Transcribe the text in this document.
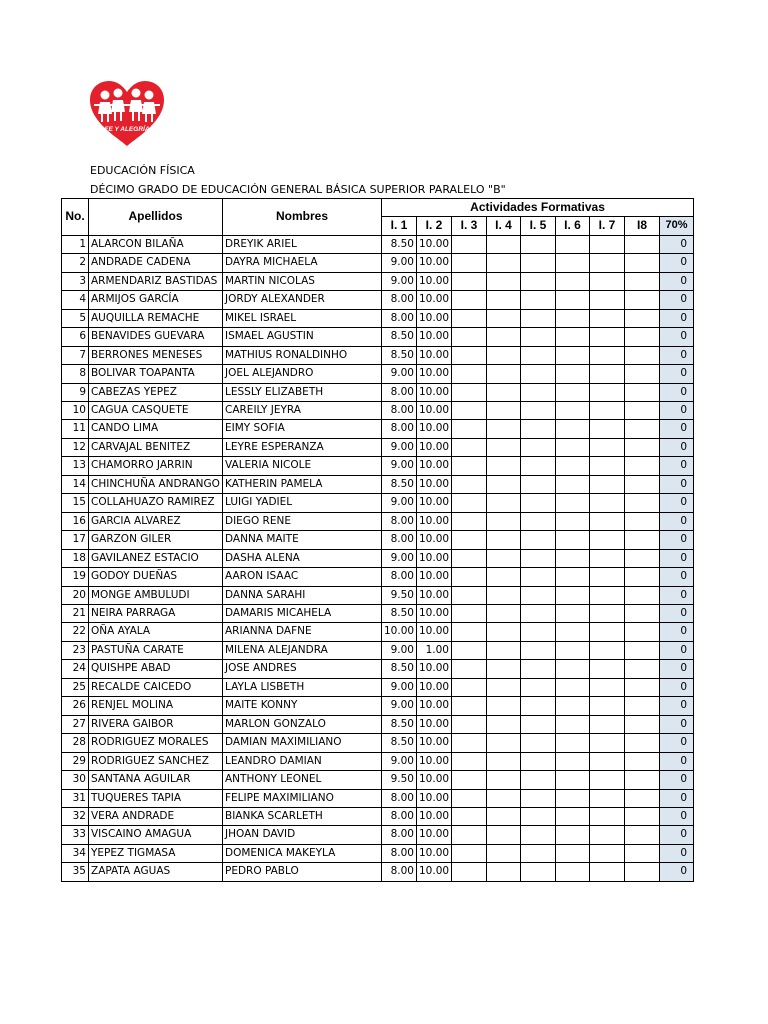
FE Y ALEGRÍA
EDUCACIÓN FÍSICA
DÉCIMO GRADO DE EDUCACIÓN GENERAL BÁSICA SUPERIOR PARALELO "B"
No.	Apellidos	Nombres	Actividades Formativas								
			I. 1	I. 2	I. 3	I. 4	I. 5	I. 6	I. 7	I8	70%
1	ALARCON BILAÑA	DREYIK ARIEL	8.50	10.00							0
2	ANDRADE CADENA	DAYRA MICHAELA	9.00	10.00							0
3	ARMENDARIZ BASTIDAS	MARTIN NICOLAS	9.00	10.00							0
4	ARMIJOS GARCÍA	JORDY ALEXANDER	8.00	10.00							0
5	AUQUILLA REMACHE	MIKEL ISRAEL	8.00	10.00							0
6	BENAVIDES GUEVARA	ISMAEL AGUSTIN	8.50	10.00							0
7	BERRONES MENESES	MATHIUS RONALDINHO	8.50	10.00							0
8	BOLIVAR TOAPANTA	JOEL ALEJANDRO	9.00	10.00							0
9	CABEZAS YEPEZ	LESSLY ELIZABETH	8.00	10.00							0
10	CAGUA CASQUETE	CAREILY JEYRA	8.00	10.00							0
11	CANDO LIMA	EIMY SOFIA	8.00	10.00							0
12	CARVAJAL BENITEZ	LEYRE ESPERANZA	9.00	10.00							0
13	CHAMORRO JARRIN	VALERIA NICOLE	9.00	10.00							0
14	CHINCHUÑA ANDRANGO	KATHERIN PAMELA	8.50	10.00							0
15	COLLAHUAZO RAMIREZ	LUIGI YADIEL	9.00	10.00							0
16	GARCIA ALVAREZ	DIEGO RENE	8.00	10.00							0
17	GARZON GILER	DANNA MAITE	8.00	10.00							0
18	GAVILANEZ ESTACIO	DASHA ALENA	9.00	10.00							0
19	GODOY DUEÑAS	AARON ISAAC	8.00	10.00							0
20	MONGE AMBULUDI	DANNA SARAHI	9.50	10.00							0
21	NEIRA PARRAGA	DAMARIS MICAHELA	8.50	10.00							0
22	OÑA AYALA	ARIANNA DAFNE	10.00	10.00							0
23	PASTUÑA CARATE	MILENA ALEJANDRA	9.00	1.00							0
24	QUISHPE ABAD	JOSE ANDRES	8.50	10.00							0
25	RECALDE CAICEDO	LAYLA LISBETH	9.00	10.00							0
26	RENJEL MOLINA	MAITE KONNY	9.00	10.00							0
27	RIVERA GAIBOR	MARLON GONZALO	8.50	10.00							0
28	RODRIGUEZ MORALES	DAMIAN MAXIMILIANO	8.50	10.00							0
29	RODRIGUEZ SANCHEZ	LEANDRO DAMIAN	9.00	10.00							0
30	SANTANA AGUILAR	ANTHONY LEONEL	9.50	10.00							0
31	TUQUERES TAPIA	FELIPE MAXIMILIANO	8.00	10.00							0
32	VERA ANDRADE	BIANKA SCARLETH	8.00	10.00							0
33	VISCAINO AMAGUA	JHOAN DAVID	8.00	10.00							0
34	YEPEZ TIGMASA	DOMENICA MAKEYLA	8.00	10.00							0
35	ZAPATA AGUAS	PEDRO PABLO	8.00	10.00							0
